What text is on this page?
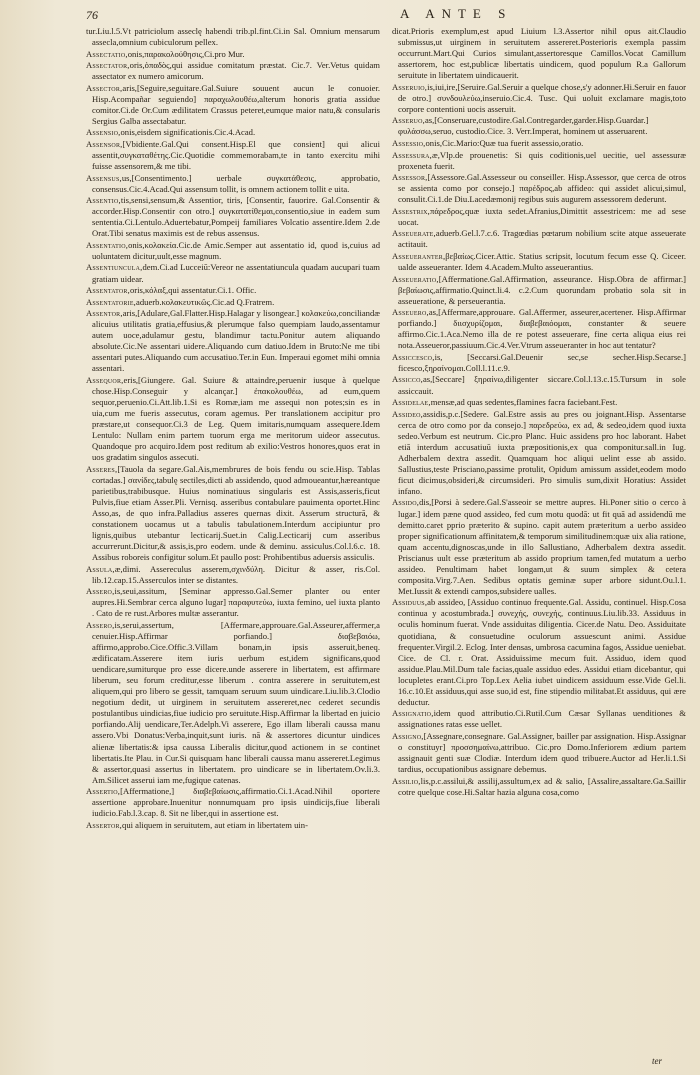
76	A ANTE S

tur.Liu.l.5.Vt patriciolum asseclę habendi trib.pl.fint.Ci.in Sal. Omnium mensarum assecla,omnium cubiculorum pellex.

Assectatio,onis,παρακολούθησις,Ci.pro Mur.

Assectator,oris,ὁπαδὸς,qui assidue comitatum præstat. Cic.7. Ver.Vetus quidam assectator ex numero amicorum.

Assector,aris,[Seguire,seguitare.Gal.Suiure souuent aucun le conuoier. Hisp.Acompañar seguiendo] παραχωλουθέω,alterum honoris gratia assidue comitor.Ci.de Or.Cum ædilitatem Crassus peteret,eumque maior natu,& consularis Sergius Galba assectabatur.

Assensio,onis,eisdem significationis.Cic.4.Acad.

Assensor,[Vbidiente.Gal.Qui consent.Hisp.El que consient] qui alicui assentit,συγκαταθέτης.Cic.Quotidie commemorabam,te in tanto exercitu mihi fuisse assensorem,& me tibi.

Assensus,us,[Consentimento.] uerbale συγκατάθεσις, approbatio, consensus.Cic.4.Acad.Qui assensum tollit, is omnem actionem tollit e uita.

Assentio,tis,sensi,sensum,& Assentior, tiris, [Consentir, fauorire. Gal.Consentir & accorder.Hisp.Consentir con otro.] συγκατατίθεμαι,consentio,siue in eadem sum sententia.Ci.Lentulo.Aduertebatur,Pompeij familiares Volcatio assentire.Idem 2.de Orat.Tibi senatus maximis est de rebus assensus.

Assentatio,onis,κολακεία.Cic.de Amic.Semper aut assentatio id, quod is,cuius ad uoluntatem dicitur,uult,esse magnum.

Assentiuncula,dem.Ci.ad Lucceiū:Vereor ne assentatiuncula quadam aucupari tuam gratiam uidear.

Assentator,oris,κόλαξ,qui assentatur.Ci.1. Offic.

Assentatorie,aduerb.κολακευτικῶς.Cic.ad Q.Fratrem.

Assentor,aris,[Adulare,Gal.Flatter.Hisp.Halagar y lisongear.] κολακεύω,conciliandæ alicuius utilitatis gratia,effusius,& plerumque falso quempiam laudo,assentamur autem uoce,adulamur gestu, blandimur tactu.Ponitur autem aliquando absolute.Cic.Ne assentari uidere.Aliquando cum datiuo.Idem in Bruto:Ne me tibi assentari putes.Aliquando cum accusatiuo.Ter.in Eun. Imperaui egomet mihi omnia assentari.

Assequor,eris,[Giungere. Gal. Suiure & attaindre,peruenir iusque à quelque chose.Hisp.Conseguir y alcançar.] ἐπακολουθέω, ad eum,quem sequor,peruenio.Ci.Att.lib.1.Si es Romæ,iam me assequi non potes;sin es in uia,cum me fueris assecutus, coram agemus. Per translationem accipitur pro præstare,ut consequor.Ci.3 de Leg. Quem imitaris,numquam assequere.Idem Lentulo: Nullam enim partem tuorum erga me meritorum uideor assecutus. Quandoque pro acquiro.Idem post reditum ab exilio:Vestros honores,quos erat in uos gradatim singulos assecuti.

Asseres,[Tauola da segare.Gal.Ais,membrures de bois fendu ou scie.Hisp. Tablas cortadas.] σανίδες,tabulę sectiles,dicti ab assidendo, quod admoueantur,hæreantque parietibus,trabibusque. Huius nominatiuus singularis est Assis,asseris,ficut Pulvis,fiue etiam Asser.Pli. Vernisq. asseribus contabulare pauimenta oportet.Hinc Asso,as, de quo infra.Palladius asseres quernas dixit. Asserum structurā, & constationem uocamus ut a tabulis tabulationem.Interdum accipiuntur pro lignis,quibus utebantur lecticarij.Suet.in Calig.Lecticarij cum asseribus accurrerunt.Dicitur,& assis,is,pro eodem. unde & deminu. assiculus.Col.l.6.c. 18. Assibus roboreis configitur solum.Et paullo post: Prohibentibus aduersis assiculis.

Assula,æ,dimi. Assereculus asserem,σχινδύλη. Dicitur & asser, ris.Col. lib.12.cap.15.Asserculos inter se distantes.

Assero,is,seui,assitum, [Seminar appresso.Gal.Semer planter ou enter aupres.Hi.Sembrar cerca alguno lugar] παραφυτεύω, iuxta femino, uel iuxta planto . Cato de re rust.Arbores multæ asserantur.

Assero,is,serui,assertum, [Affermare,approuare.Gal.Asseurer,affermer,a cenuier.Hisp.Affirmar porfiando.] διαβεβαιόω, affirmo,approbo.Cice.Offic.3.Villam bonam,in ipsis asseruit,beneq. ædificatam.Asserere item iuris uerbum est,idem significans,quod uendicare,sumiturque pro esse dicere.unde asserere in libertatem, est affirmare liberum, seu forum creditur,esse liberum . contra asserere in seruitutem,est aliquem,qui pro libero se gessit, tamquam seruum suum uindicare.Liu.lib.3.Clodio negotium dedit, ut uirginem in seruitutem assereret,nec cederet secundis postulantibus uindicias,fiue iudicio pro seruitute.Hisp.Affirmar la libertad en juicio porfiando.Alij uendicare,Ter.Adelph.Vi asserere, Ego illam liberali caussa manu assero.Vbi Donatus:Verba,inquit,sunt iuris. nā & assertores dicuntur uindices alienæ libertatis:& ipsa caussa Liberalis dicitur,quod actionem in se continet libertatis.Ite Plau. in Cur.Si quisquam hanc liberali caussa manu assereret.Legimus & assertor,quasi assertus in libertatem. pro uindicare se in libertatem.Ov.li.3. Am.Silicet asserui iam me,fugique catenas.

Assertio,[Affermatione,] διαβεβαίωσις,affirmatio.Ci.1.Acad.Nihil oportere assertione approbare.Inuenitur nonnumquam pro ipsis uindicijs,fiue liberali iudicio.Fab.l.3.cap. 8. Sit ne liber,qui in assertione est.

Assertor,qui aliquem in seruitutem, aut etiam in libertatem uin-

dicat.Prioris exemplum,est apud Liuium l.3.Assertor nihil opus ait.Claudio submissus,ut uirginem in seruitutem assereret.Posterioris exempla passim occurrunt.Mart.Qui Curios simulant,assertoresque Camillos.Vocat Camillum assertorem, hoc est,publicæ libertatis uindicem, quod populum R.a Gallorum seruitute in libertatem uindicauerit.

Asseruio,is,iui,ire,[Seruire.Gal.Seruir a quelque chose,s'y adonner.Hi.Seruir en fauor de otro.] συνδουλεύω,inseruio.Cic.4. Tusc. Qui uoluit exclamare magis,toto corpore contentioni uocis asseruit.

Asseruo,as,[Conseruare,custodire.Gal.Contregarder,garder.Hisp.Guardar.] φυλάσσω,seruo, custodio.Cice. 3. Verr.Imperat, hominem ut asseruarent.

Assessio,onis,Cic.Mario:Quæ tua fuerit assessio,oratio.

Assessura,æ,Vlp.de prouenetis: Si quis coditionis,uel uecitie, uel assessuræ proxeneta fuerit.

Assessor,[Assessore.Gal.Assesseur ou conseiller. Hisp.Assessor, que cerca de otros se assienta como por consejo.] παρέδρος,ab affideo: qui assidet alicui,simul, consulit.Ci.1.de Diu.Lacedæmonij regibus suis augurem assessorem dederunt.

Assestrix,πάρεδρος,quæ iuxta sedet.Afranius,Dimittit assestricem: me ad sese uocat.

Asseuerate,aduerb.Gel.l.7.c.6. Tragœdias pœtarum nobilium scite atque asseuerate actitauit.

Asseueranter,βεβαίως.Cicer.Attic. Statius scripsit, locutum fecum esse Q. Ciceer. ualde asseueranter. Idem 4.Academ.Multo asseuerantius.

Asseueratio,[Affermatione.Gal.Affirmation, asseurance. Hisp.Obra de affirmar.] βεβαίωσις,affirmatio.Quinct.li.4. c.2.Cum quorundam probatio sola sit in asseueratione, & perseuerantia.

Asseuero,as,[Affermare,approuare. Gal.Affermer, asseurer,acertener. Hisp.Affirmar porfiando.] διισχυρίζομαι, διαβεβαιόομαι, constanter & seuere affirmo.Cic.1.Aca.Nemo illa de re potest asseuerare, fine certa aliqua eius rei nota.Asseueror,passiuum.Cic.4.Ver.Vtrum asseueranter in hoc aut tentatur?

Assiccesco,is, [Seccarsi.Gal.Deuenir sec,se secher.Hisp.Secarse.] ficesco,ξηραίνομαι.Coll.l.11.c.9.

Assicco,as,[Seccare] ξηραίνω,diligenter siccare.Col.l.13.c.15.Tursum in sole assiccauit.

Assidelae,mensæ,ad quas sedentes,flamines facra faciebant.Fest.

Assideo,assidis,p.c.[Sedere. Gal.Estre assis au pres ou joignant.Hisp. Assentarse cerca de otro como por da consejo.] παρεδρεύω, ex ad, & sedeo,idem quod iuxta sedeo.Verbum est neutrum. Cic.pro Planc. Huic assidens pro hoc laborant. Habet etiā interdum accusatiuū iuxta præpositionis,ex qua componitur.sall.in Iug. Adherbalem dextra assedit. Quamquam hoc aliqui uelint esse ab assido. Sallustius,teste Prisciano,passime protulit, Opidum amissum assidet,eodem modo ficut dicimus,obsideri,& circumsideri. Pro simulis sum,dixit Horatius: Assidet infano.

Assido,dis,[Porsi à sedere.Gal.S'asseoir se mettre aupres. Hi.Poner sitio o cerco à lugar.] idem pæne quod assideo, fed cum motu quodā: ut fit quā ad assidendū me demitto.caret pprio præterito & supino. capit autem præteritum a uerbo assideo proper significationum affinitatem,& temporum similitudinem:quæ uix alia ratione, quam accentu,dignoscas,unde in illo Sallustiano, Adherbalem dextra assedit. Priscianus uult esse præteritum ab assido proprium tamen,fed mutatum a uerbo assideo. Penultimam habet longam,ut & suum simplex & cetera composita.Virg.7.Aen. Sedibus optatis geminæ super arbore sidunt.Ou.l.1. Met.Iussit & extendi campos,subsidere ualles.

Assiduus,ab assideo, [Assiduo continuo frequente.Gal. Assidu, continuel. Hisp.Cosa continua y acostumbrada.] συνεχής, συνεχής, continuus.Liu.lib.33. Assiduus in oculis hominum fuerat. Vnde assiduitas diligentia. Cicer.de Natu. Deo. Assiduitate quotidiana, & consuetudine oculorum assuescunt animi. Assidue frequenter.Virgil.2. Eclog. Inter densas, umbrosa cacumina fagos, Assidue ueniebat. Cice. de Cl. r. Orat. Assiduissime mecum fuit. Assiduo, idem quod assidue.Plau.Mil.Dum tale facias,quale assiduo edes. Assidui etiam dicebantur, qui locupletes erant.Ci.pro Top.Lex Aelia iubet uindicem assiduum esse.Vide Gel.li. 16.c.10.Et assiduus,qui asse suo,id est, fine stipendio militabat.Et assiduus, qui ære deductur.

Assignatio,idem quod attributio.Ci.Rutil.Cum Cæsar Syllanas uenditiones & assignationes ratas esse uellet.

Assigno,[Assegnare,consegnare. Gal.Assigner, bailler par assignation. Hisp.Assignar o constituyr] προσσημαίνω,attribuo. Cic.pro Domo.Inferiorem ædium partem assignauit genti suæ Clodiæ. Interdum idem quod tribuere.Auctor ad Her.li.1.Si tardius, occupationibus assignare debemus.

Assilio,lis,p.c.assilui,& assilij,assultum,ex ad & salio, [Assalire,assaltare.Ga.Saillir cotre quelque cose.Hi.Saltar hazia alguna cosa,como

ter
